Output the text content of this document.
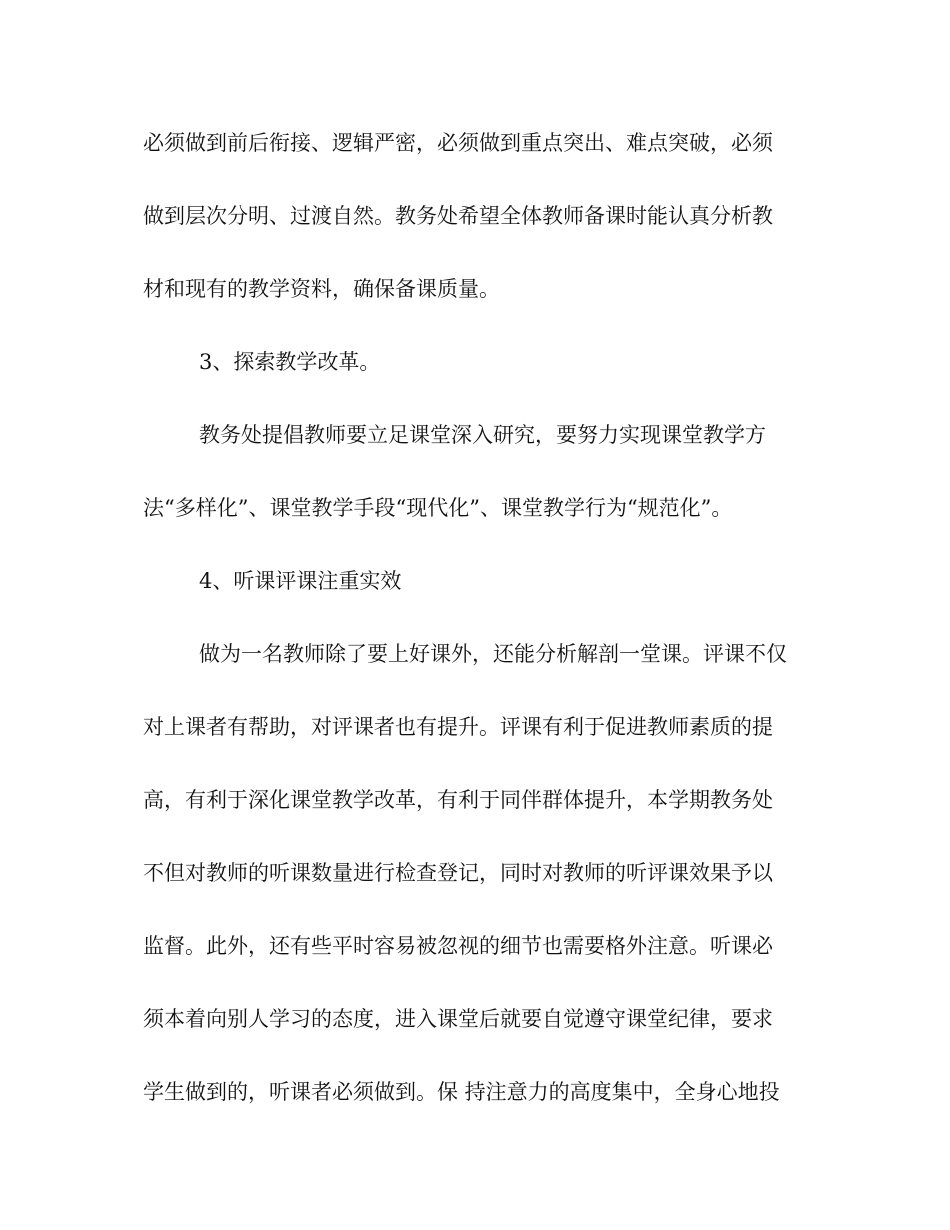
必须做到前后衔接、逻辑严密，必须做到重点突出、难点突破，必须
做到层次分明、过渡自然。教务处希望全体教师备课时能认真分析教
材和现有的教学资料，确保备课质量。
3、探索教学改革。
教务处提倡教师要立足课堂深入研究，要努力实现课堂教学方
法“多样化”、课堂教学手段“现代化”、课堂教学行为“规范化”。
4、听课评课注重实效
做为一名教师除了要上好课外，还能分析解剖一堂课。评课不仅
对上课者有帮助，对评课者也有提升。评课有利于促进教师素质的提
高，有利于深化课堂教学改革，有利于同伴群体提升，本学期教务处
不但对教师的听课数量进行检查登记，同时对教师的听评课效果予以
监督。此外，还有些平时容易被忽视的细节也需要格外注意。听课必
须本着向别人学习的态度，进入课堂后就要自觉遵守课堂纪律，要求
学生做到的，听课者必须做到。保 持注意力的高度集中，全身心地投
